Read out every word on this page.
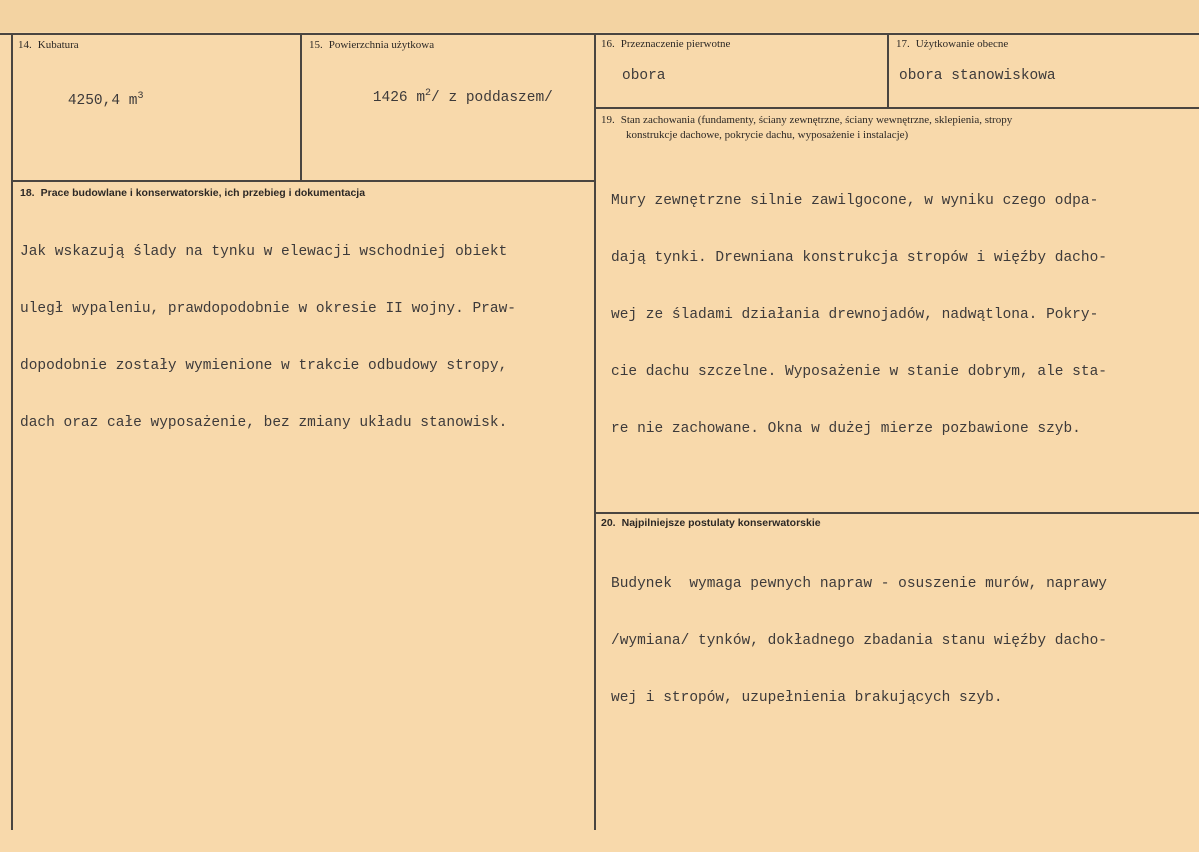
14. Kubatura

4250,4 $m^3$

15. Powierzchnia użytkowa

1426 $m^2/$ z poddaszem/

16. Przeznaczenie pierwotne
obora
17. Użytkowanie obecne
obora stanowiskowa
19. Stan zachowania (fundamenty, ściany zewnętrzne, ściany wewnętrzne, sklepienia, stropy
konstrukcje dachowe, pokrycie dachu, wyposażenie i instalacje)

Mury zewnętrzne silnie zawilgocone, w wyniku czego odpa-

dają tynki. Drewniana konstrukcja stropów i więźby dacho-

wej ze śladami działania drewnojadów, nadwątlona. Pokry-

cie dachu szczelne. Wyposażenie w stanie dobrym, ale sta-

re nie zachowane. Okna w dużej mierze pozbawione szyb.

18. Prace budowlane i konserwatorskie, ich przebieg i dokumentacja

Jak wskazują ślady na tynku w elewacji wschodniej obiekt

uległ wypaleniu, prawdopodobnie w okresie II wojny. Praw-

dopodobnie zostały wymienione w trakcie odbudowy stropy,

dach oraz całe wyposażenie, bez zmiany układu stanowisk.

20. Najpilniejsze postulaty konserwatorskie

Budynek  wymaga pewnych napraw - osuszenie murów, naprawy

/wymiana/ tynków, dokładnego zbadania stanu więźby dacho-

wej i stropów, uzupełnienia brakujących szyb.
